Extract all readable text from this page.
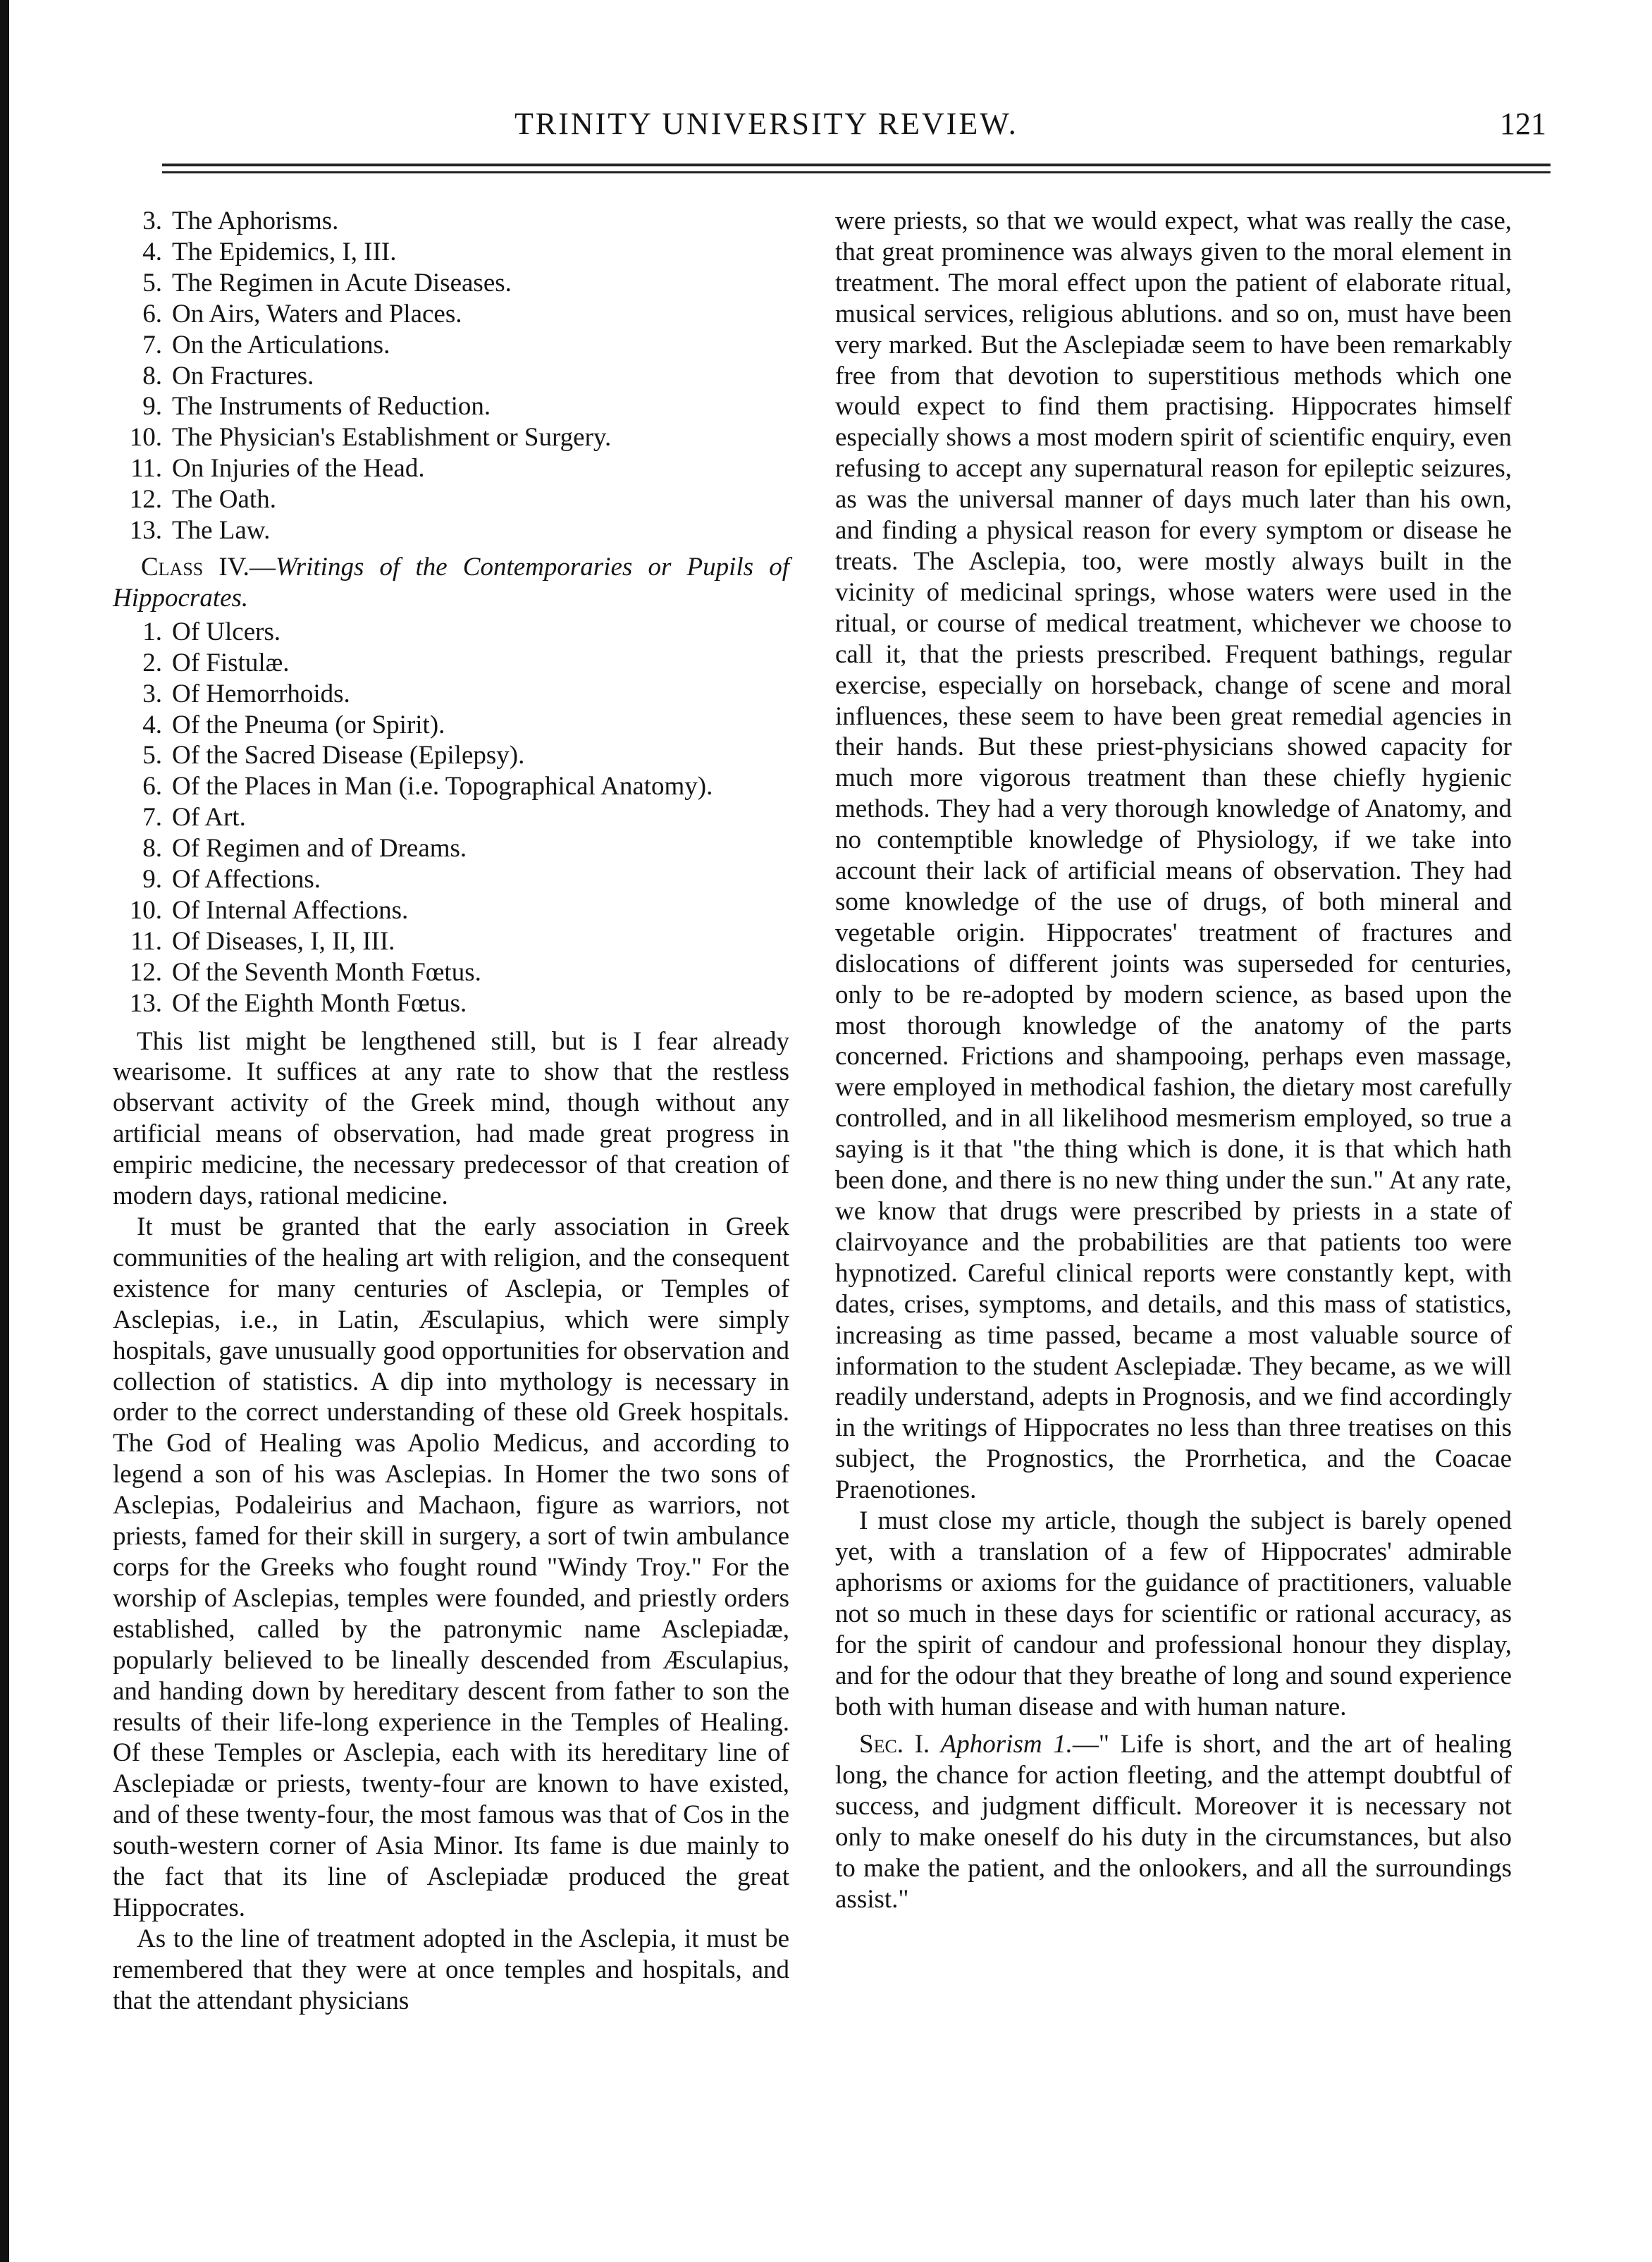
TRINITY UNIVERSITY REVIEW.	121
3. The Aphorisms.
4. The Epidemics, I, III.
5. The Regimen in Acute Diseases.
6. On Airs, Waters and Places.
7. On the Articulations.
8. On Fractures.
9. The Instruments of Reduction.
10. The Physician's Establishment or Surgery.
11. On Injuries of the Head.
12. The Oath.
13. The Law.

Class IV.—Writings of the Contemporaries or Pupils of Hippocrates.

1. Of Ulcers.
2. Of Fistulæ.
3. Of Hemorrhoids.
4. Of the Pneuma (or Spirit).
5. Of the Sacred Disease (Epilepsy).
6. Of the Places in Man (i.e. Topographical Anatomy).
7. Of Art.
8. Of Regimen and of Dreams.
9. Of Affections.
10. Of Internal Affections.
11. Of Diseases, I, II, III.
12. Of the Seventh Month Fœtus.
13. Of the Eighth Month Fœtus.

This list might be lengthened still, but is I fear already wearisome. It suffices at any rate to show that the restless observant activity of the Greek mind, though without any artificial means of observation, had made great progress in empiric medicine, the necessary predecessor of that creation of modern days, rational medicine.

It must be granted that the early association in Greek communities of the healing art with religion, and the consequent existence for many centuries of Asclepia, or Temples of Asclepias, i.e., in Latin, Æsculapius, which were simply hospitals, gave unusually good opportunities for observation and collection of statistics. A dip into mythology is necessary in order to the correct understanding of these old Greek hospitals. The God of Healing was Apolio Medicus, and according to legend a son of his was Asclepias. In Homer the two sons of Asclepias, Podaleirius and Machaon, figure as warriors, not priests, famed for their skill in surgery, a sort of twin ambulance corps for the Greeks who fought round "Windy Troy." For the worship of Asclepias, temples were founded, and priestly orders established, called by the patronymic name Asclepiadæ, popularly believed to be lineally descended from Æsculapius, and handing down by hereditary descent from father to son the results of their life-long experience in the Temples of Healing. Of these Temples or Asclepia, each with its hereditary line of Asclepiadæ or priests, twenty-four are known to have existed, and of these twenty-four, the most famous was that of Cos in the south-western corner of Asia Minor. Its fame is due mainly to the fact that its line of Asclepiadæ produced the great Hippocrates.

As to the line of treatment adopted in the Asclepia, it must be remembered that they were at once temples and hospitals, and that the attendant physicians

were priests, so that we would expect, what was really the case, that great prominence was always given to the moral element in treatment. The moral effect upon the patient of elaborate ritual, musical services, religious ablutions. and so on, must have been very marked. But the Asclepiadæ seem to have been remarkably free from that devotion to superstitious methods which one would expect to find them practising. Hippocrates himself especially shows a most modern spirit of scientific enquiry, even refusing to accept any supernatural reason for epileptic seizures, as was the universal manner of days much later than his own, and finding a physical reason for every symptom or disease he treats. The Asclepia, too, were mostly always built in the vicinity of medicinal springs, whose waters were used in the ritual, or course of medical treatment, whichever we choose to call it, that the priests prescribed. Frequent bathings, regular exercise, especially on horseback, change of scene and moral influences, these seem to have been great remedial agencies in their hands. But these priest-physicians showed capacity for much more vigorous treatment than these chiefly hygienic methods. They had a very thorough knowledge of Anatomy, and no contemptible knowledge of Physiology, if we take into account their lack of artificial means of observation. They had some knowledge of the use of drugs, of both mineral and vegetable origin. Hippocrates' treatment of fractures and dislocations of different joints was superseded for centuries, only to be re-adopted by modern science, as based upon the most thorough knowledge of the anatomy of the parts concerned. Frictions and shampooing, perhaps even massage, were employed in methodical fashion, the dietary most carefully controlled, and in all likelihood mesmerism employed, so true a saying is it that "the thing which is done, it is that which hath been done, and there is no new thing under the sun." At any rate, we know that drugs were prescribed by priests in a state of clairvoyance and the probabilities are that patients too were hypnotized. Careful clinical reports were constantly kept, with dates, crises, symptoms, and details, and this mass of statistics, increasing as time passed, became a most valuable source of information to the student Asclepiadæ. They became, as we will readily understand, adepts in Prognosis, and we find accordingly in the writings of Hippocrates no less than three treatises on this subject, the Prognostics, the Prorrhetica, and the Coacae Praenotiones.

I must close my article, though the subject is barely opened yet, with a translation of a few of Hippocrates' admirable aphorisms or axioms for the guidance of practitioners, valuable not so much in these days for scientific or rational accuracy, as for the spirit of candour and professional honour they display, and for the odour that they breathe of long and sound experience both with human disease and with human nature.

Sec. I. Aphorism 1.—" Life is short, and the art of healing long, the chance for action fleeting, and the attempt doubtful of success, and judgment difficult. Moreover it is necessary not only to make oneself do his duty in the circumstances, but also to make the patient, and the onlookers, and all the surroundings assist."
